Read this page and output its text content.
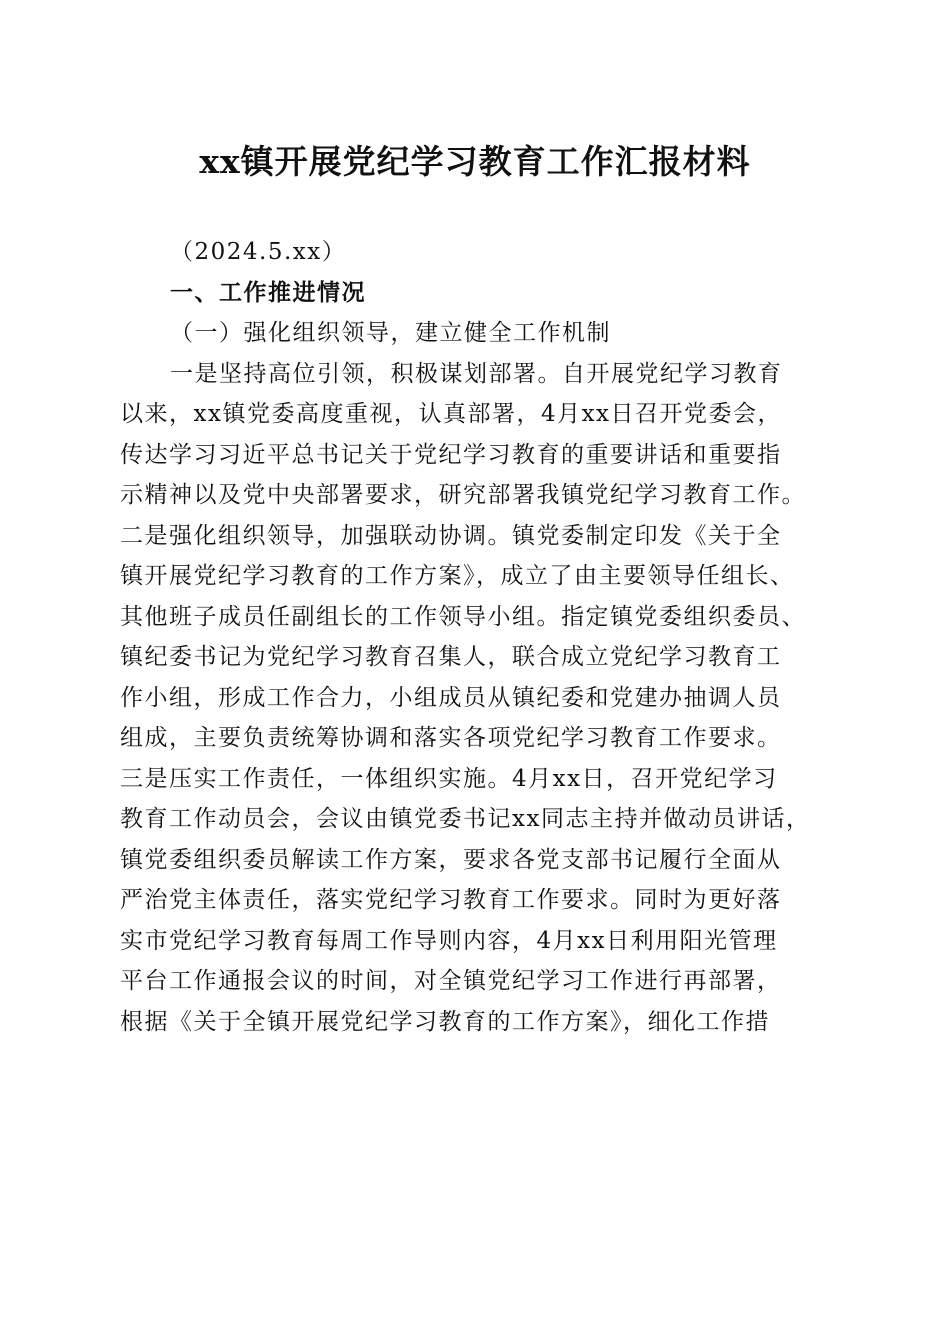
xx镇开展党纪学习教育工作汇报材料
（2024.5.xx）
一、工作推进情况
（一）强化组织领导，建立健全工作机制
一是坚持高位引领，积极谋划部署。自开展党纪学习教育
以来，xx镇党委高度重视，认真部署，4月xx日召开党委会，
传达学习习近平总书记关于党纪学习教育的重要讲话和重要指
示精神以及党中央部署要求，研究部署我镇党纪学习教育工作。
二是强化组织领导，加强联动协调。镇党委制定印发《关于全
镇开展党纪学习教育的工作方案》，成立了由主要领导任组长、
其他班子成员任副组长的工作领导小组。指定镇党委组织委员、
镇纪委书记为党纪学习教育召集人，联合成立党纪学习教育工
作小组，形成工作合力，小组成员从镇纪委和党建办抽调人员
组成，主要负责统筹协调和落实各项党纪学习教育工作要求。
三是压实工作责任，一体组织实施。4月xx日，召开党纪学习
教育工作动员会，会议由镇党委书记xx同志主持并做动员讲话，
镇党委组织委员解读工作方案，要求各党支部书记履行全面从
严治党主体责任，落实党纪学习教育工作要求。同时为更好落
实市党纪学习教育每周工作导则内容，4月xx日利用阳光管理
平台工作通报会议的时间，对全镇党纪学习工作进行再部署，
根据《关于全镇开展党纪学习教育的工作方案》，细化工作措
